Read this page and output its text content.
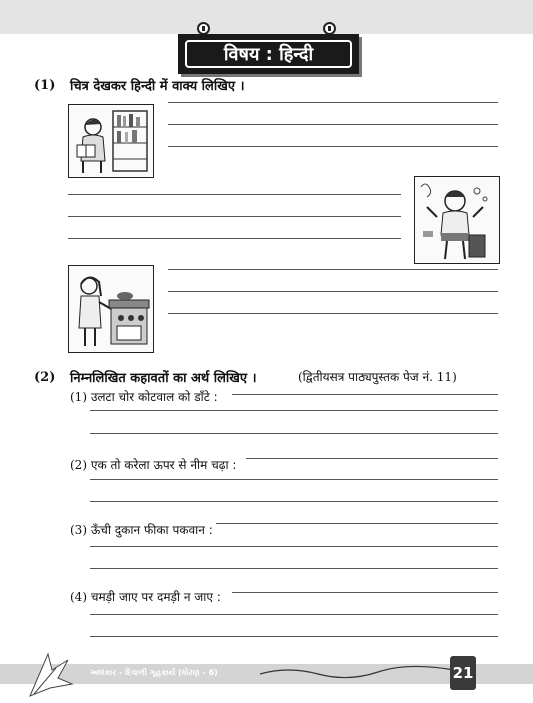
विषय : हिन्दी
(1) चित्र देखकर हिन्दी में वाक्य लिखिए ।
(2) निम्नलिखित कहावतों का अर्थ लिखिए ।	(द्वितीयसत्र पाठ्यपुस्तक पेज नं. 11)
(1) उलटा चोर कोटवाल को डाँटे :
(2) एक तो करेला ऊपर से नीम चढ़ा :
(3) ऊँची दुकान फीका पकवान :
(4) चमड़ी जाए पर दमड़ी न जाए :
અલંકાર - દિવાળી ગૃહકાર્ય (ધોરણ - 6)	21
